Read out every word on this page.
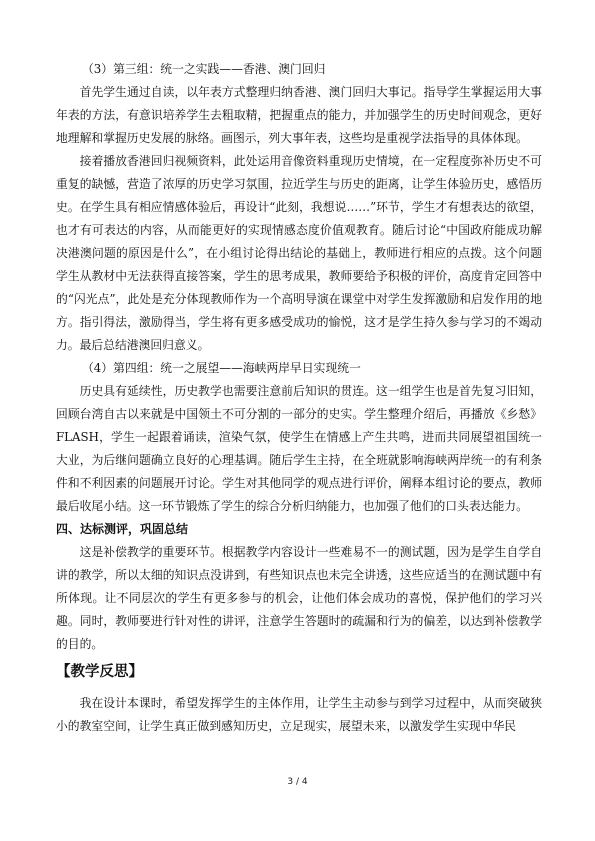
（3）第三组：统一之实践——香港、澳门回归

首先学生通过自读，以年表方式整理归纳香港、澳门回归大事记。指导学生掌握运用大事年表的方法，有意识培养学生去粗取精，把握重点的能力，并加强学生的历史时间观念，更好地理解和掌握历史发展的脉络。画图示，列大事年表，这些均是重视学法指导的具体体现。

接着播放香港回归视频资料，此处运用音像资料重现历史情境，在一定程度弥补历史不可重复的缺憾，营造了浓厚的历史学习氛围，拉近学生与历史的距离，让学生体验历史，感悟历史。在学生具有相应情感体验后，再设计“此刻，我想说……”环节，学生才有想表达的欲望，也才有可表达的内容，从而能更好的实现情感态度价值观教育。随后讨论“中国政府能成功解决港澳问题的原因是什么”，在小组讨论得出结论的基础上，教师进行相应的点拨。这个问题学生从教材中无法获得直接答案，学生的思考成果，教师要给予积极的评价，高度肯定回答中的“闪光点”，此处是充分体现教师作为一个高明导演在课堂中对学生发挥激励和启发作用的地方。指引得法，激励得当，学生将有更多感受成功的愉悦，这才是学生持久参与学习的不竭动力。最后总结港澳回归意义。

（4）第四组：统一之展望——海峡两岸早日实现统一

历史具有延续性，历史教学也需要注意前后知识的贯连。这一组学生也是首先复习旧知，回顾台湾自古以来就是中国领土不可分割的一部分的史实。学生整理介绍后，再播放《乡愁》FLASH，学生一起跟着诵读，渲染气氛，使学生在情感上产生共鸣，进而共同展望祖国统一大业，为后继问题确立良好的心理基调。随后学生主持，在全班就影响海峡两岸统一的有利条件和不利因素的问题展开讨论。学生对其他同学的观点进行评价，阐释本组讨论的要点，教师最后收尾小结。这一环节锻炼了学生的综合分析归纳能力，也加强了他们的口头表达能力。

四、达标测评，巩固总结

这是补偿教学的重要环节。根据教学内容设计一些难易不一的测试题，因为是学生自学自讲的教学，所以太细的知识点没讲到，有些知识点也未完全讲透，这些应适当的在测试题中有所体现。让不同层次的学生有更多参与的机会，让他们体会成功的喜悦，保护他们的学习兴趣。同时，教师要进行针对性的讲评，注意学生答题时的疏漏和行为的偏差，以达到补偿教学的目的。

【教学反思】

我在设计本课时，希望发挥学生的主体作用，让学生主动参与到学习过程中，从而突破狭小的教室空间，让学生真正做到感知历史，立足现实，展望未来，以激发学生实现中华民

3 / 4
